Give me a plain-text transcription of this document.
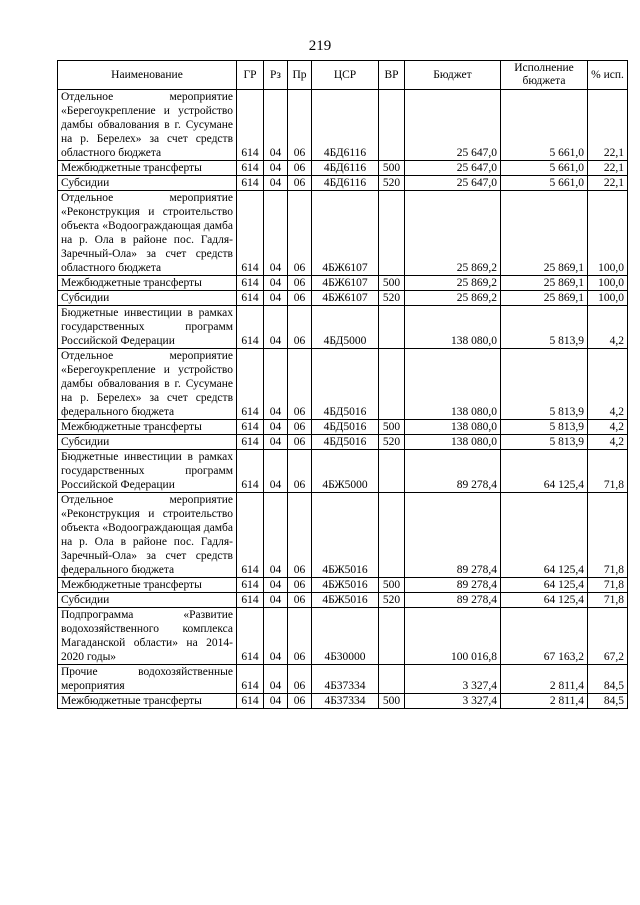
219
Наименование	ГР	Рз	Пр	ЦСР	ВР	Бюджет	Исполнение бюджета	% исп.
Отдельное мероприятие «Берегоукрепление и устройство дамбы обвалования в г. Сусумане на р. Берелех» за счет средств областного бюджета	614	04	06	4БД6116		25 647,0	5 661,0	22,1
Межбюджетные трансферты	614	04	06	4БД6116	500	25 647,0	5 661,0	22,1
Субсидии	614	04	06	4БД6116	520	25 647,0	5 661,0	22,1
Отдельное мероприятие «Реконструкция и строительство объекта «Водоограждающая дамба на р. Ола в районе пос. Гадля-Заречный-Ола» за счет средств областного бюджета	614	04	06	4БЖ6107		25 869,2	25 869,1	100,0
Межбюджетные трансферты	614	04	06	4БЖ6107	500	25 869,2	25 869,1	100,0
Субсидии	614	04	06	4БЖ6107	520	25 869,2	25 869,1	100,0
Бюджетные инвестиции в рамках государственных программ Российской Федерации	614	04	06	4БД5000		138 080,0	5 813,9	4,2
Отдельное мероприятие «Берегоукрепление и устройство дамбы обвалования в г. Сусумане на р. Берелех» за счет средств федерального бюджета	614	04	06	4БД5016		138 080,0	5 813,9	4,2
Межбюджетные трансферты	614	04	06	4БД5016	500	138 080,0	5 813,9	4,2
Субсидии	614	04	06	4БД5016	520	138 080,0	5 813,9	4,2
Бюджетные инвестиции в рамках государственных программ Российской Федерации	614	04	06	4БЖ5000		89 278,4	64 125,4	71,8
Отдельное мероприятие «Реконструкция и строительство объекта «Водоограждающая дамба на р. Ола в районе пос. Гадля-Заречный-Ола» за счет средств федерального бюджета	614	04	06	4БЖ5016		89 278,4	64 125,4	71,8
Межбюджетные трансферты	614	04	06	4БЖ5016	500	89 278,4	64 125,4	71,8
Субсидии	614	04	06	4БЖ5016	520	89 278,4	64 125,4	71,8
Подпрограмма «Развитие водохозяйственного комплекса Магаданской области» на 2014-2020 годы»	614	04	06	4Б30000		100 016,8	67 163,2	67,2
Прочие водохозяйственные мероприятия	614	04	06	4Б37334		3 327,4	2 811,4	84,5
Межбюджетные трансферты	614	04	06	4Б37334	500	3 327,4	2 811,4	84,5
